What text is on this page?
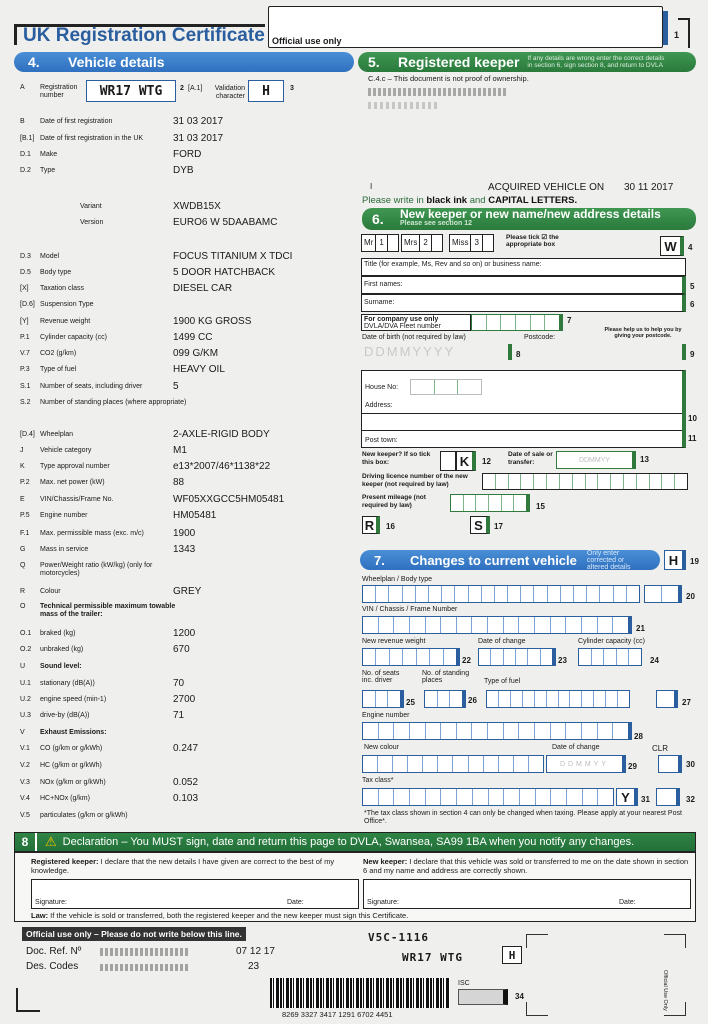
UK Registration Certificate Official use only
1
4.	Vehicle details
A	Registration number	WR17 WTG	2 [A.1]	Validation character	H	3
B	Date of first registration	31 03 2017
[B.1] Date of first registration in the UK	31 03 2017
D.1	Make	FORD
D.2	Type	DYB
Variant	XWDB15X
Version	EURO6 W 5DAABAMC
D.3	Model	FOCUS TITANIUM X TDCI
D.5	Body type	5 DOOR HATCHBACK
[X]	Taxation class	DIESEL CAR
[D.6] Suspension Type
[Y]	Revenue weight	1900 KG GROSS
P.1	Cylinder capacity (cc)	1499 CC
V.7	CO2 (g/km)	099 G/KM
P.3	Type of fuel	HEAVY OIL
S.1	Number of seats, including driver	5
S.2	Number of standing places (where appropriate)
[D.4] Wheelplan	2-AXLE-RIGID BODY
J	Vehicle category	M1
K	Type approval number	e13*2007/46*1138*22
P.2	Max. net power (kW)	88
E	VIN/Chassis/Frame No.	WF05XXGCC5HM05481
P.5	Engine number	HM05481
F.1	Max. permissible mass (exc. m/c)	1900
G	Mass in service	1343
Q	Power/Weight ratio (kW/kg) (only for motorcycles)
R	Colour	GREY
O	Technical permissible maximum towable mass of the trailer:
O.1	braked (kg)	1200
O.2	unbraked (kg)	670
U	Sound level:
U.1	stationary (dB(A))	70
U.2	engine speed (min-1)	2700
U.3	drive-by (dB(A))	71
V	Exhaust Emissions:
V.1	CO (g/km or g/kWh)	0.247
V.2	HC (g/km or g/kWh)
V.3	NOx (g/km or g/kWh)	0.052
V.4	HC+NOx (g/km)	0.103
V.5	particulates (g/km or g/kWh)
5.	Registered keeper If any details are wrong enter the correct details in section 6, sign section 8, and return to DVLA
C.4.c – This document is not proof of ownership.
I	ACQUIRED VEHICLE ON 30 11 2017
Please write in black ink and CAPITAL LETTERS.
6.	New keeper or new name/new address details
Please see section 12
Mr 1	Mrs 2	Miss 3
Please tick ☑ the appropriate box	W	4
Title (for example, Ms, Rev and so on) or business name:
First names:	5
Surname:	6
For company use only
DVLA/DVA Fleet number
7
Date of birth (not required by law)	Postcode:
Please help us to help you by giving your postcode.
DDMMYYYY	8	9
House No:
Address:
Post town:
10
11
New keeper? If so tick this box:	K	12
Date of sale or transfer:	DDMMYY	13
Driving licence number of the new keeper (not required by law)
Present mileage (not required by law)	15
R	16	S	17
7.	Changes to current vehicle Only enter corrected or altered details	H	19
Wheelplan / Body type
20
VIN / Chassis / Frame Number
21
New revenue weight
22
Date of change
23
Cylinder capacity (cc)
24
No. of seats inc. driver
No. of standing places	Type of fuel
25	26	27
Engine number
28
New colour	Date of change	CLR
DDMMYY	29	30
Tax class*
Y	31	32
*The tax class shown in section 4 can only be changed when taxing. Please apply at your nearest Post Office*.
8	⚠ Declaration – You MUST sign, date and return this page to DVLA, Swansea, SA99 1BA when you notify any changes.
Registered keeper: I declare that the new details I have given are correct to the best of my knowledge.
New keeper: I declare that this vehicle was sold or transferred to me on the date shown in section 6 and my name and address are correctly shown.
Signature:	Date:	Signature:	Date:
Law: If the vehicle is sold or transferred, both the registered keeper and the new keeper must sign this Certificate.
Official use only – Please do not write below this line.
Doc. Ref. Nº	07 12 17
Des. Codes	23
V5C-1116
WR17 WTG	H
8269 3327 3417 1291 6702 4451
ISC
34	Official Use Only
